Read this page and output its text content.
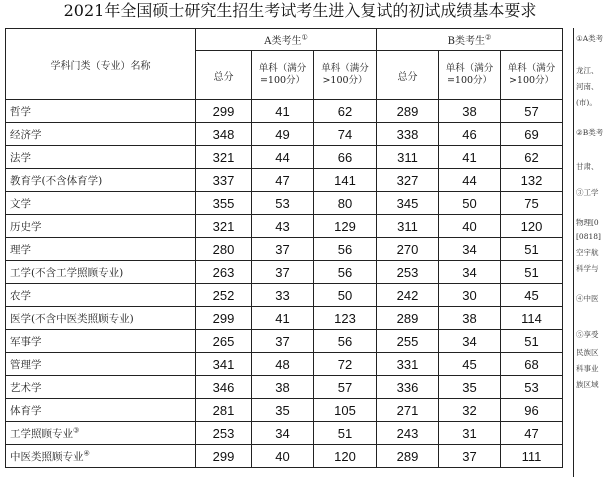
2021年全国硕士研究生招生考试考生进入复试的初试成绩基本要求
学科门类（专业）名称	A类考生①			B类考生②
	总分	单科（满分=100分）	单科（满分>100分）	总分	单科（满分=100分）	单科（满分>100分）
哲学	299	41	62	289	38	57
经济学	348	49	74	338	46	69
法学	321	44	66	311	41	62
教育学(不含体育学)	337	47	141	327	44	132
文学	355	53	80	345	50	75
历史学	321	43	129	311	40	120
理学	280	37	56	270	34	51
工学(不含工学照顾专业)	263	37	56	253	34	51
农学	252	33	50	242	30	45
医学(不含中医类照顾专业)	299	41	123	289	38	114
军事学	265	37	56	255	34	51
管理学	341	48	72	331	45	68
艺术学	346	38	57	336	35	53
体育学	281	35	105	271	32	96
工学照顾专业③	253	34	51	243	31	47
中医类照顾专业④	299	40	120	289	37	111
①A类考
龙江、
河南、
(市)。
②B类考
甘肃、
③工学
物理[0
[0818]
空宇航
科学与
④中医
⑤享受
民族区
科事业
族区域
